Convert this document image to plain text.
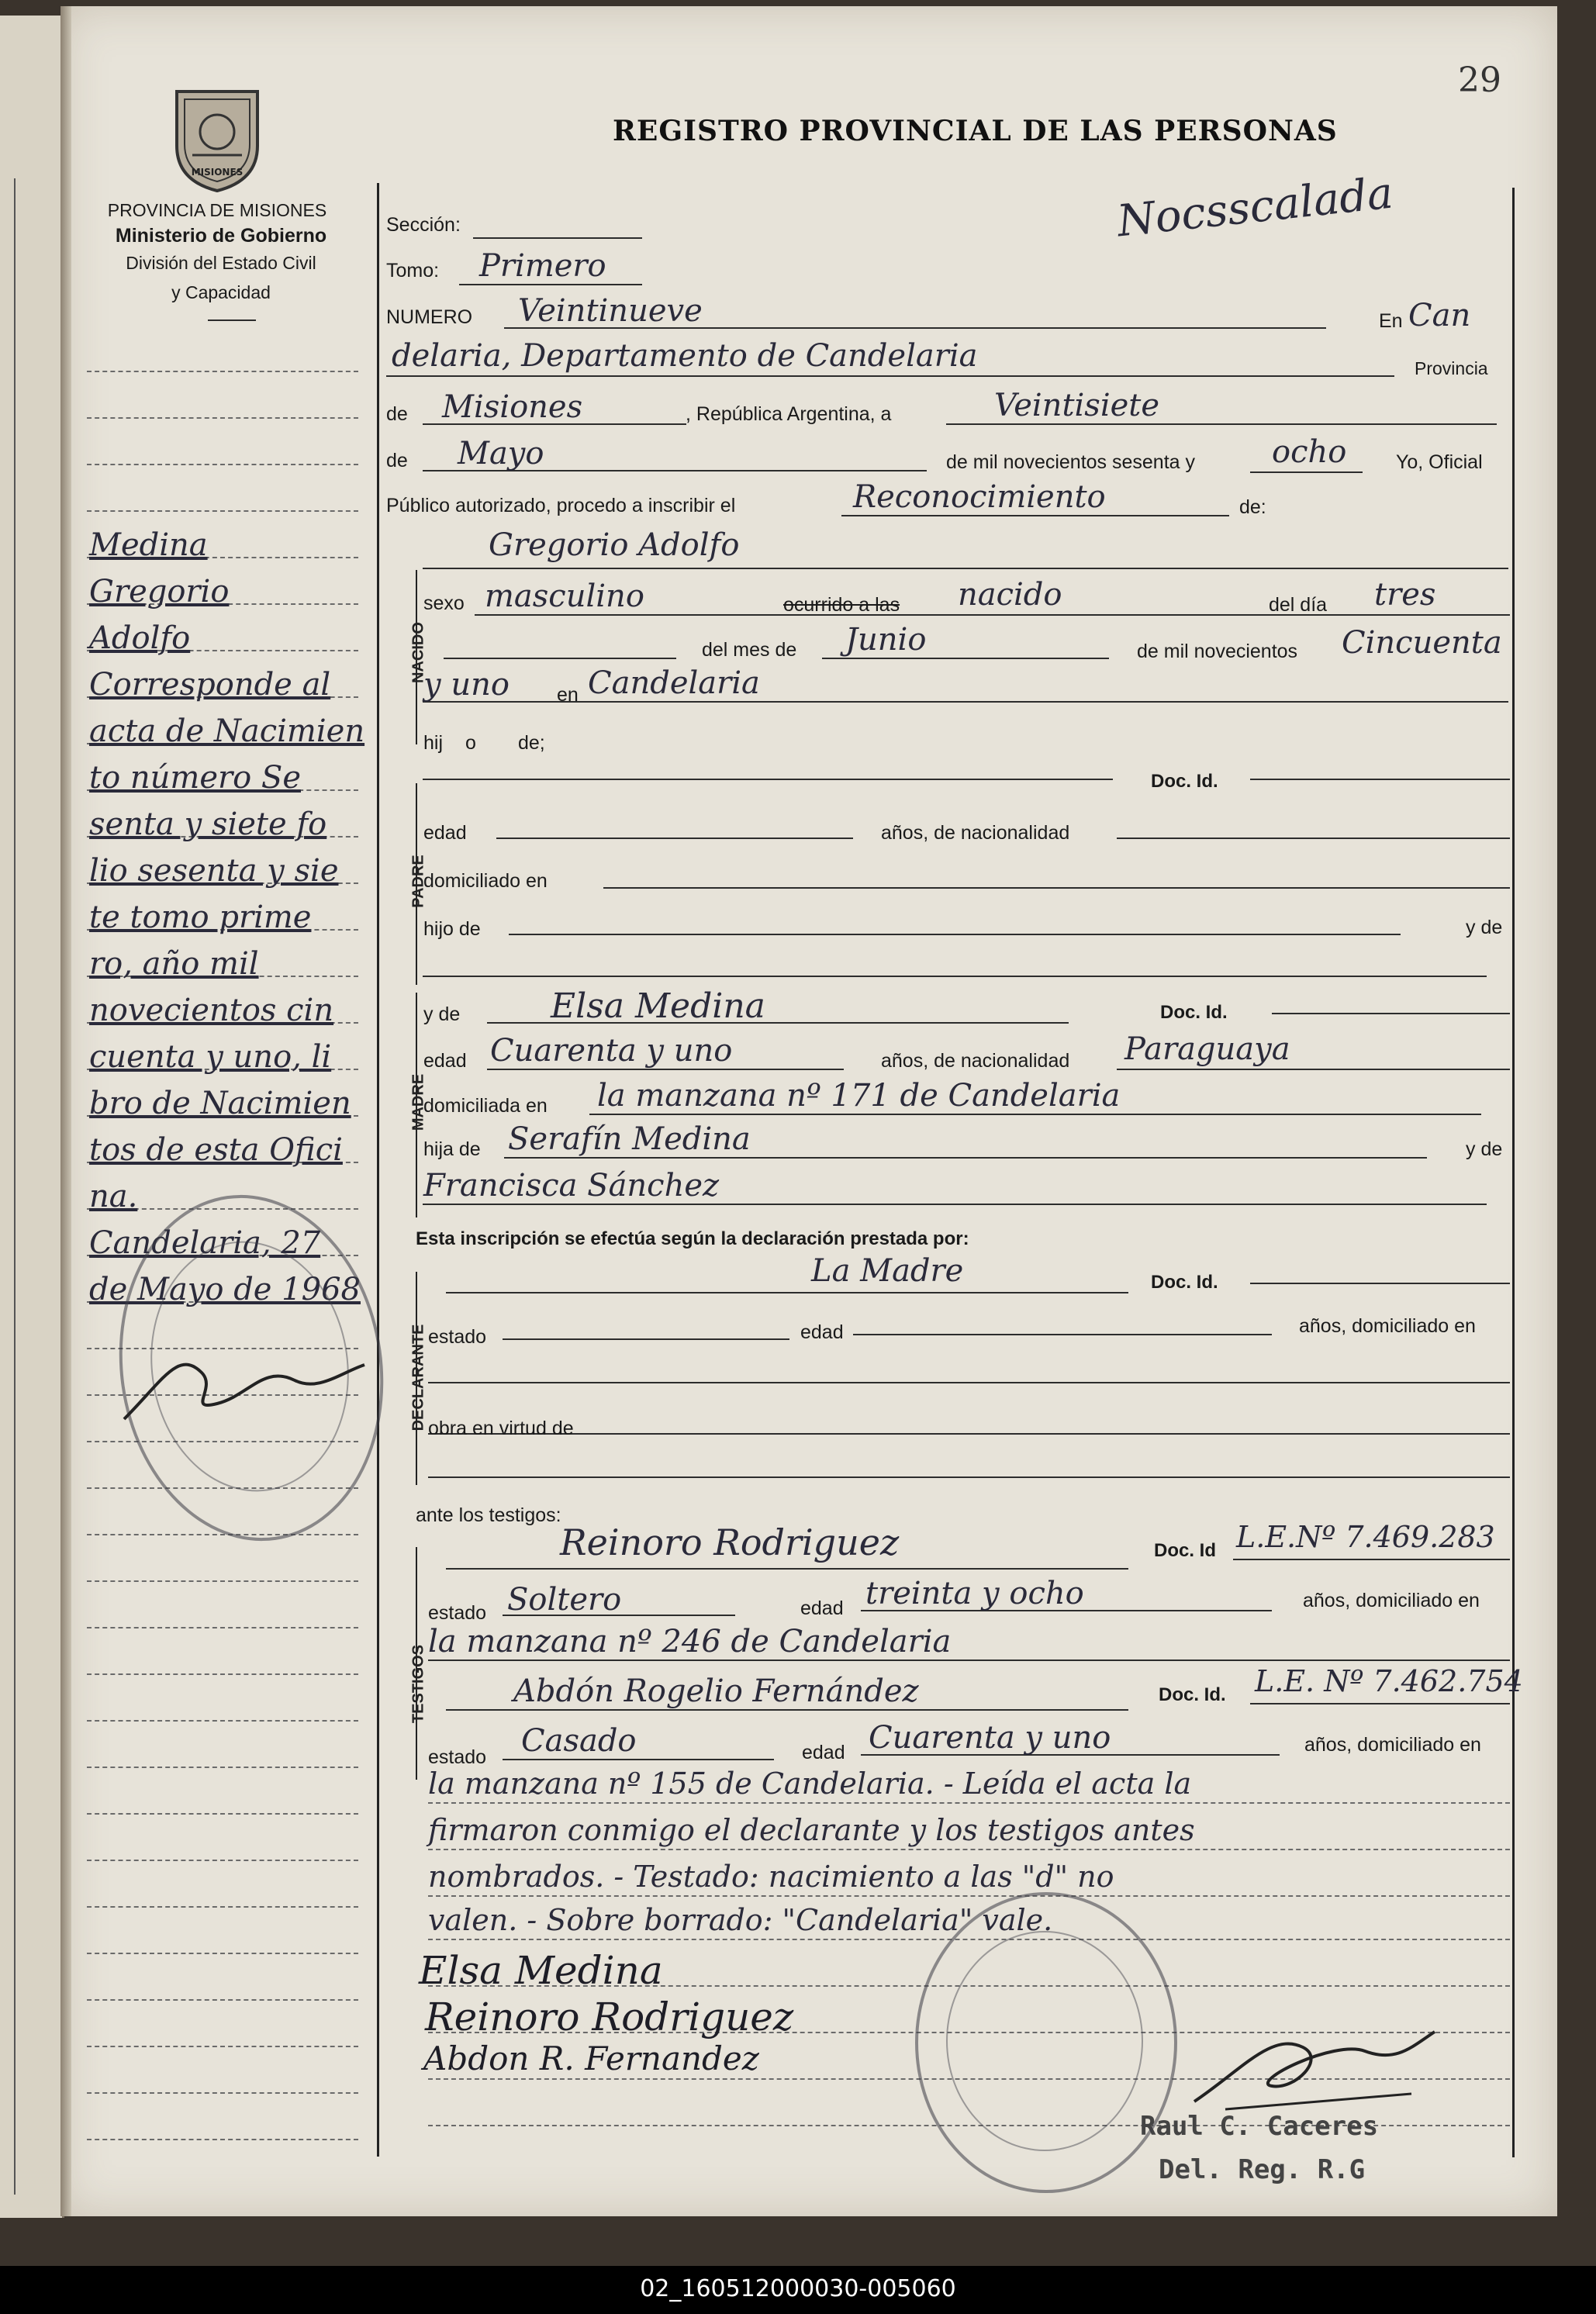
29
REGISTRO PROVINCIAL DE LAS PERSONAS
Nocsscalada
MISIONES
PROVINCIA DE MISIONES
Ministerio de Gobierno
División del Estado Civil
y Capacidad
Medina
Gregorio
Adolfo
Corresponde al
acta de Nacimien
to número Se
senta y siete fo
lio sesenta y sie
te tomo prime
ro, año mil
novecientos cin
cuenta y uno, li
bro de Nacimien
tos de esta Ofici
na.
Candelaria, 27
de Mayo de 1968
Sección:
Tomo: Primero
NUMERO Veintinueve	En Can
delaria, Departamento de Candelaria	Provincia
de Misiones	, República Argentina, a	Veintisiete
de Mayo	de mil novecientos sesenta y ocho	Yo, Oficial
Público autorizado, procedo a inscribir el	Reconocimiento	de:
Gregorio Adolfo
NACIDO
sexo masculino	ocurrido a las nacido	del día tres
del mes de Junio	de mil novecientos Cincuenta
y uno en Candelaria
hij o de;
PADRE
Doc. Id.
edad	años, de nacionalidad
domiciliado en
hijo de	y de
MADRE
y de	Elsa Medina	Doc. Id.
edad Cuarenta y uno	años, de nacionalidad Paraguaya
domiciliada en la manzana nº 171 de Candelaria
hija de Serafín Medina	y de
Francisca Sánchez
Esta inscripción se efectúa según la declaración prestada por:
DECLARANTE
La Madre	Doc. Id.
estado	edad	años, domiciliado en
obra en virtud de
ante los testigos:
TESTIGOS
Reinoro Rodriguez	Doc. Id L.E.Nº 7.469.283
estado Soltero	edad treinta y ocho	años, domiciliado en
la manzana nº 246 de Candelaria
Abdón Rogelio Fernández	Doc. Id. L.E. Nº 7.462.754
estado Casado	edad Cuarenta y uno	años, domiciliado en
la manzana nº 155 de Candelaria. - Leída el acta la
firmaron conmigo el declarante y los testigos antes
nombrados. - Testado: nacimiento a las "d" no
valen. - Sobre borrado: "Candelaria" vale.
Elsa Medina
Reinoro Rodriguez
Abdon R. Fernandez
Raul C. Caceres
Del. Reg. R.G
02_160512000030-005060
